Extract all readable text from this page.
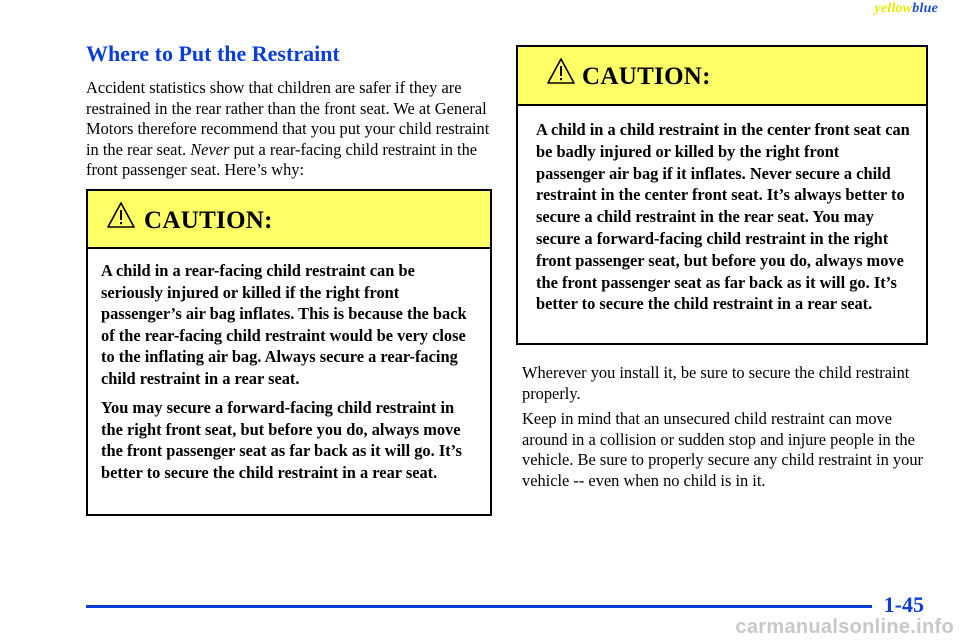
yellowblue
Where to Put the Restraint

Accident statistics show that children are safer if they are restrained in the rear rather than the front seat. We at General Motors therefore recommend that you put your child restraint in the rear seat. Never put a rear-facing child restraint in the front passenger seat. Here’s why:

CAUTION:

A child in a rear-facing child restraint can be seriously injured or killed if the right front passenger’s air bag inflates. This is because the back of the rear-facing child restraint would be very close to the inflating air bag. Always secure a rear-facing child restraint in a rear seat.

You may secure a forward-facing child restraint in the right front seat, but before you do, always move the front passenger seat as far back as it will go. It’s better to secure the child restraint in a rear seat.

CAUTION:

A child in a child restraint in the center front seat can be badly injured or killed by the right front passenger air bag if it inflates. Never secure a child restraint in the center front seat. It’s always better to secure a child restraint in the rear seat. You may secure a forward-facing child restraint in the right front passenger seat, but before you do, always move the front passenger seat as far back as it will go. It’s better to secure the child restraint in a rear seat.

Wherever you install it, be sure to secure the child restraint properly.

Keep in mind that an unsecured child restraint can move around in a collision or sudden stop and injure people in the vehicle. Be sure to properly secure any child restraint in your vehicle -- even when no child is in it.

1-45
carmanualsonline.info
